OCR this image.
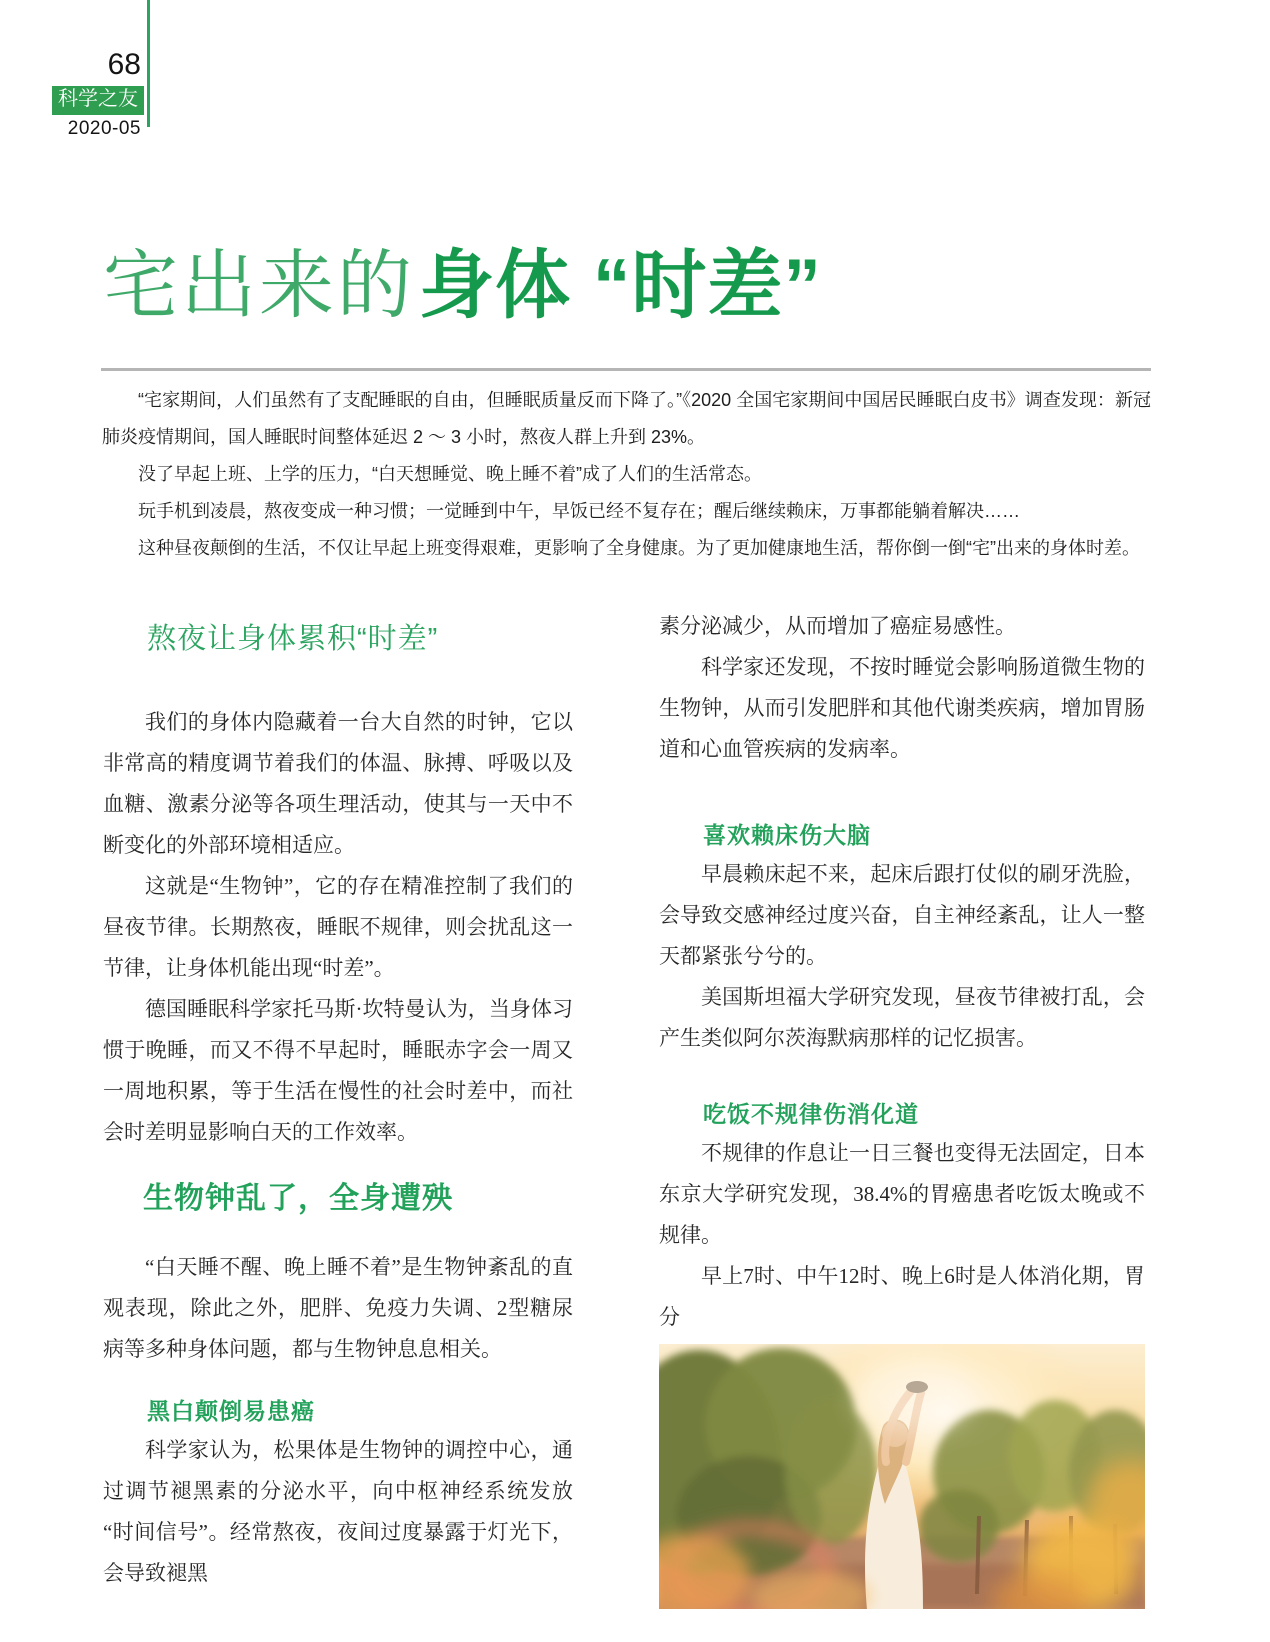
68
科学之友
2020-05
宅出来的身体 “时差”

“宅家期间，人们虽然有了支配睡眠的自由，但睡眠质量反而下降了。”《2020 全国宅家期间中国居民睡眠白皮书》调查发现：新冠肺炎疫情期间，国人睡眠时间整体延迟 2 ～ 3 小时，熬夜人群上升到 23%。

没了早起上班、上学的压力，“白天想睡觉、晚上睡不着”成了人们的生活常态。

玩手机到凌晨，熬夜变成一种习惯；一觉睡到中午，早饭已经不复存在；醒后继续赖床，万事都能躺着解决……

这种昼夜颠倒的生活，不仅让早起上班变得艰难，更影响了全身健康。为了更加健康地生活，帮你倒一倒“宅”出来的身体时差。

熬夜让身体累积“时差”

我们的身体内隐藏着一台大自然的时钟，它以非常高的精度调节着我们的体温、脉搏、呼吸以及血糖、激素分泌等各项生理活动，使其与一天中不断变化的外部环境相适应。

这就是“生物钟”，它的存在精准控制了我们的昼夜节律。长期熬夜，睡眠不规律，则会扰乱这一节律，让身体机能出现“时差”。

德国睡眠科学家托马斯·坎特曼认为，当身体习惯于晚睡，而又不得不早起时，睡眠赤字会一周又一周地积累，等于生活在慢性的社会时差中，而社会时差明显影响白天的工作效率。

生物钟乱了，全身遭殃

“白天睡不醒、晚上睡不着”是生物钟紊乱的直观表现，除此之外，肥胖、免疫力失调、2型糖尿病等多种身体问题，都与生物钟息息相关。

黑白颠倒易患癌

科学家认为，松果体是生物钟的调控中心，通过调节褪黑素的分泌水平，向中枢神经系统发放“时间信号”。经常熬夜，夜间过度暴露于灯光下，会导致褪黑

素分泌减少，从而增加了癌症易感性。

科学家还发现，不按时睡觉会影响肠道微生物的生物钟，从而引发肥胖和其他代谢类疾病，增加胃肠道和心血管疾病的发病率。

喜欢赖床伤大脑

早晨赖床起不来，起床后跟打仗似的刷牙洗脸，会导致交感神经过度兴奋，自主神经紊乱，让人一整天都紧张兮兮的。

美国斯坦福大学研究发现，昼夜节律被打乱，会产生类似阿尔茨海默病那样的记忆损害。

吃饭不规律伤消化道

不规律的作息让一日三餐也变得无法固定，日本东京大学研究发现，38.4%的胃癌患者吃饭太晚或不规律。

早上7时、中午12时、晚上6时是人体消化期，胃分
